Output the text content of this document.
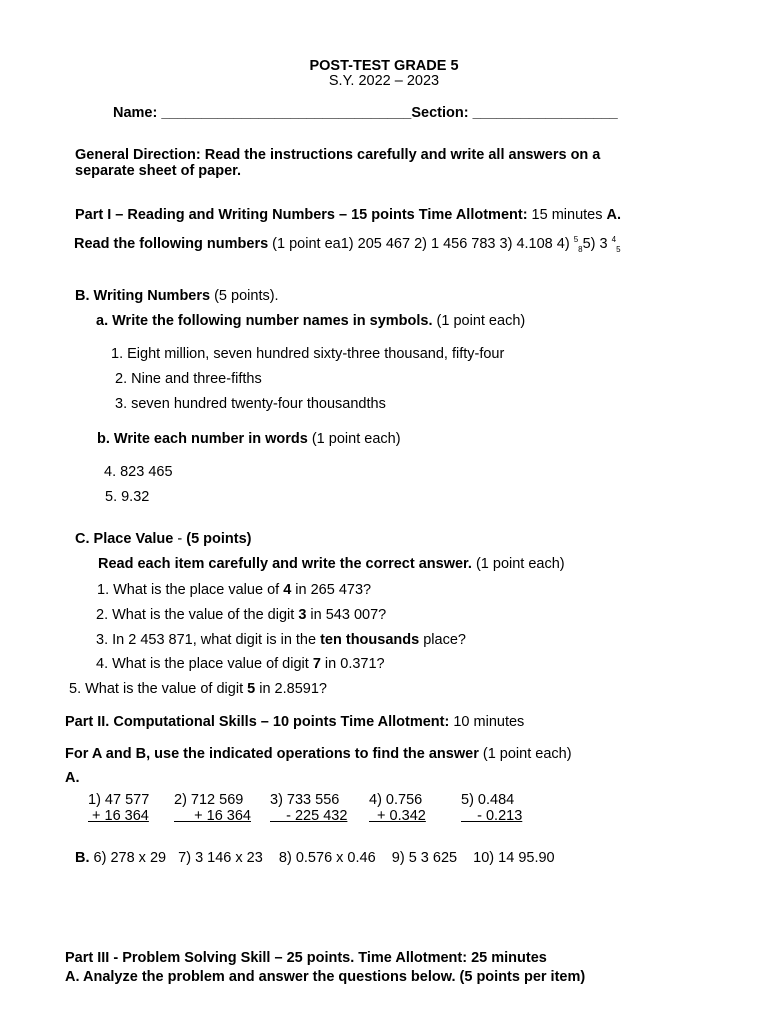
POST-TEST GRADE 5
S.Y. 2022 – 2023
Name: _______________________________Section: __________________
General Direction: Read the instructions carefully and write all answers on a
separate sheet of paper.
Part I – Reading and Writing Numbers – 15 points Time Allotment: 15 minutes A.
Read the following numbers (1 point ea1) 205 467 2) 1 456 783 3) 4.108 4) $^5_8$5) 3 $^4_5$
B. Writing Numbers (5 points).
a. Write the following number names in symbols. (1 point each)
1. Eight million, seven hundred sixty-three thousand, fifty-four
2. Nine and three-fifths
3. seven hundred twenty-four thousandths
b. Write each number in words (1 point each)
4. 823 465
5. 9.32
C. Place Value - (5 points)
Read each item carefully and write the correct answer. (1 point each)
1. What is the place value of 4 in 265 473?
2. What is the value of the digit 3 in 543 007?
3. In 2 453 871, what digit is in the ten thousands place?
4. What is the place value of digit 7 in 0.371?
5. What is the value of digit 5 in 2.8591?
Part II. Computational Skills – 10 points Time Allotment: 10 minutes
For A and B, use the indicated operations to find the answer (1 point each)
A.
1) 47 577
+ 16 364
2) 712 569
+ 16 364
3) 733 556
- 225 432
4) 0.756
+ 0.342
5) 0.484
- 0.213
B. 6) 278 x 29   7) 3 146 x 23    8) 0.576 x 0.46    9) 5 3 625    10) 14 95.90
Part III - Problem Solving Skill – 25 points. Time Allotment: 25 minutes
A. Analyze the problem and answer the questions below. (5 points per item)
